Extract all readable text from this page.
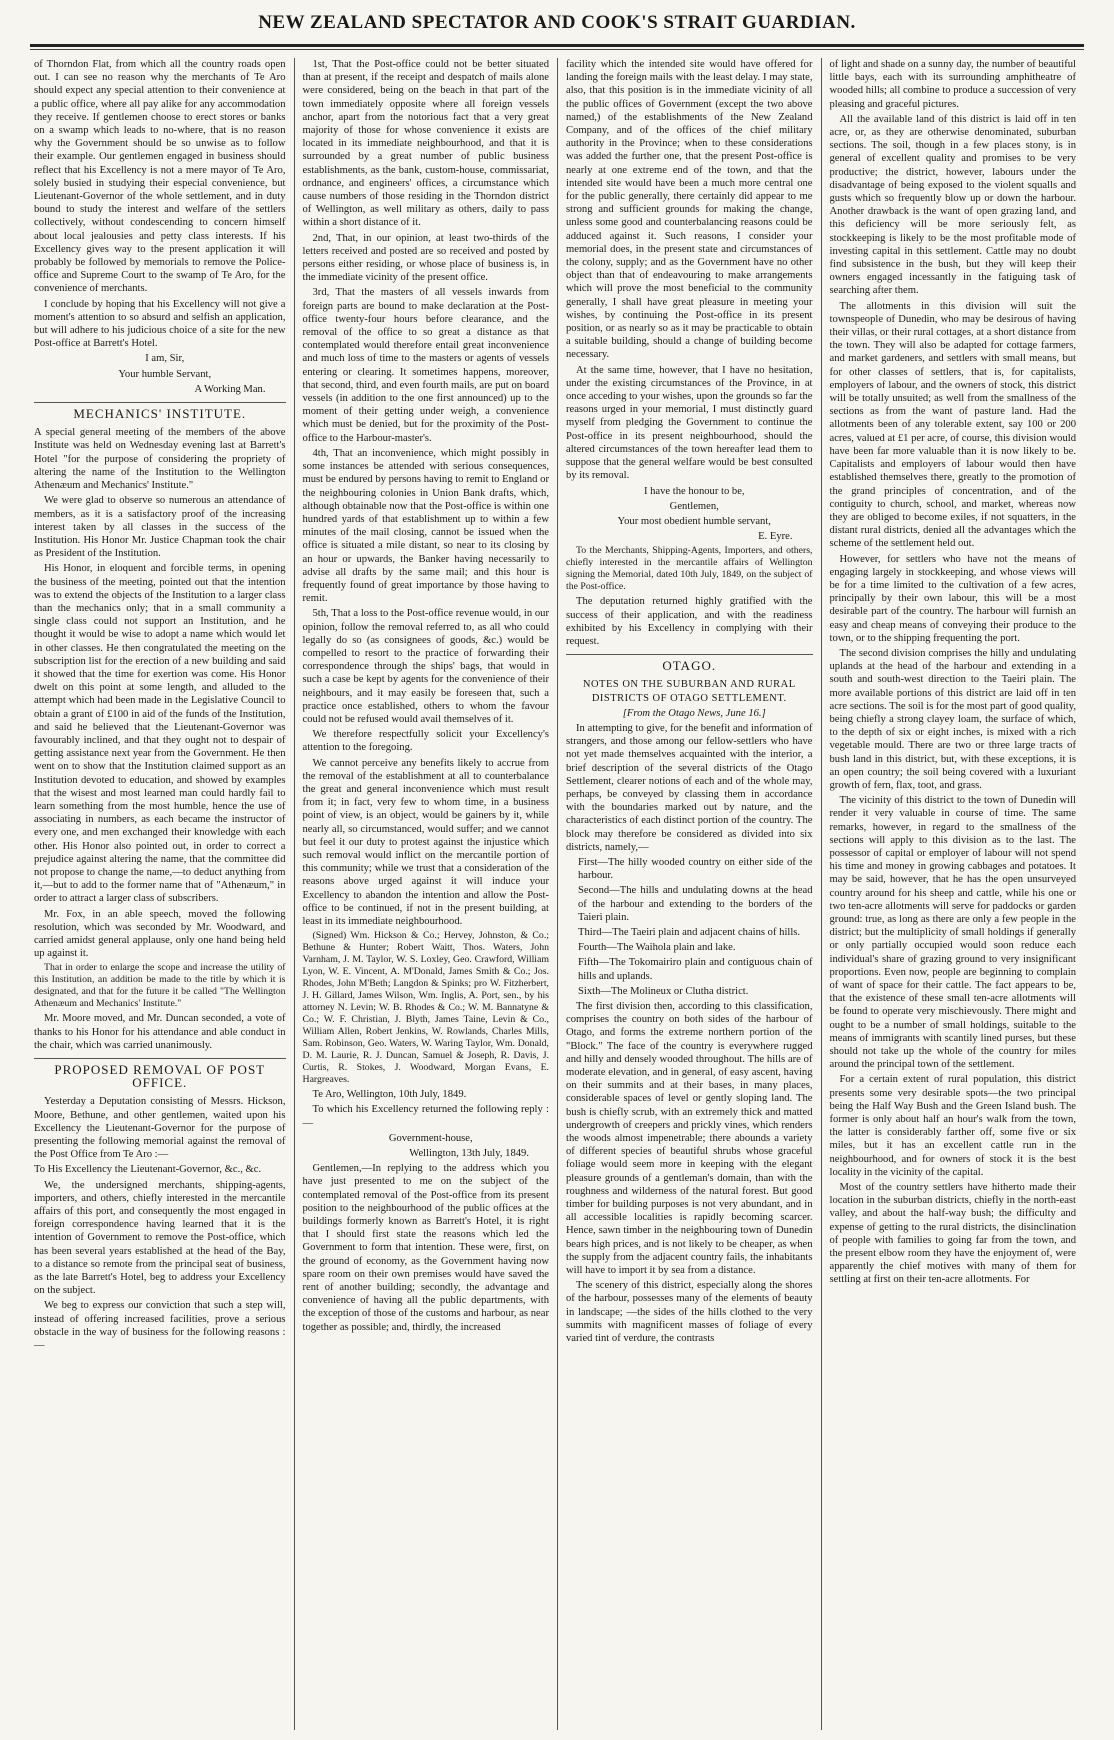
NEW ZEALAND SPECTATOR AND COOK'S STRAIT GUARDIAN.

of Thorndon Flat, from which all the country roads open out. I can see no reason why the merchants of Te Aro should expect any special attention to their convenience at a public office, where all pay alike for any accommodation they receive. If gentlemen choose to erect stores or banks on a swamp which leads to no-where, that is no reason why the Government should be so unwise as to follow their example. Our gentlemen engaged in business should reflect that his Excellency is not a mere mayor of Te Aro, solely busied in studying their especial convenience, but Lieutenant-Governor of the whole settlement, and in duty bound to study the interest and welfare of the settlers collectively, without condescending to concern himself about local jealousies and petty class interests. If his Excellency gives way to the present application it will probably be followed by memorials to remove the Police-office and Supreme Court to the swamp of Te Aro, for the convenience of merchants.

I conclude by hoping that his Excellency will not give a moment's attention to so absurd and selfish an application, but will adhere to his judicious choice of a site for the new Post-office at Barrett's Hotel.

I am, Sir,

Your humble Servant,

A Working Man.

MECHANICS' INSTITUTE.

A special general meeting of the members of the above Institute was held on Wednesday evening last at Barrett's Hotel "for the purpose of considering the propriety of altering the name of the Institution to the Wellington Athenæum and Mechanics' Institute."

We were glad to observe so numerous an attendance of members, as it is a satisfactory proof of the increasing interest taken by all classes in the success of the Institution. His Honor Mr. Justice Chapman took the chair as President of the Institution.

His Honor, in eloquent and forcible terms, in opening the business of the meeting, pointed out that the intention was to extend the objects of the Institution to a larger class than the mechanics only; that in a small community a single class could not support an Institution, and he thought it would be wise to adopt a name which would let in other classes. He then congratulated the meeting on the subscription list for the erection of a new building and said it showed that the time for exertion was come. His Honor dwelt on this point at some length, and alluded to the attempt which had been made in the Legislative Council to obtain a grant of £100 in aid of the funds of the Institution, and said he believed that the Lieutenant-Governor was favourably inclined, and that they ought not to despair of getting assistance next year from the Government. He then went on to show that the Institution claimed support as an Institution devoted to education, and showed by examples that the wisest and most learned man could hardly fail to learn something from the most humble, hence the use of associating in numbers, as each became the instructor of every one, and men exchanged their knowledge with each other. His Honor also pointed out, in order to correct a prejudice against altering the name, that the committee did not propose to change the name,—to deduct anything from it,—but to add to the former name that of "Athenæum," in order to attract a larger class of subscribers.

Mr. Fox, in an able speech, moved the following resolution, which was seconded by Mr. Woodward, and carried amidst general applause, only one hand being held up against it.

That in order to enlarge the scope and increase the utility of this Institution, an addition be made to the title by which it is designated, and that for the future it be called "The Wellington Athenæum and Mechanics' Institute."

Mr. Moore moved, and Mr. Duncan seconded, a vote of thanks to his Honor for his attendance and able conduct in the chair, which was carried unanimously.

PROPOSED REMOVAL OF POST OFFICE.

Yesterday a Deputation consisting of Messrs. Hickson, Moore, Bethune, and other gentlemen, waited upon his Excellency the Lieutenant-Governor for the purpose of presenting the following memorial against the removal of the Post Office from Te Aro :—

To His Excellency the Lieutenant-Governor, &c., &c.

We, the undersigned merchants, shipping-agents, importers, and others, chiefly interested in the mercantile affairs of this port, and consequently the most engaged in foreign correspondence having learned that it is the intention of Government to remove the Post-office, which has been several years established at the head of the Bay, to a distance so remote from the principal seat of business, as the late Barrett's Hotel, beg to address your Excellency on the subject.

We beg to express our conviction that such a step will, instead of offering increased facilities, prove a serious obstacle in the way of business for the following reasons :—

1st, That the Post-office could not be better situated than at present, if the receipt and despatch of mails alone were considered, being on the beach in that part of the town immediately opposite where all foreign vessels anchor, apart from the notorious fact that a very great majority of those for whose convenience it exists are located in its immediate neighbourhood, and that it is surrounded by a great number of public business establishments, as the bank, custom-house, commissariat, ordnance, and engineers' offices, a circumstance which cause numbers of those residing in the Thorndon district of Wellington, as well military as others, daily to pass within a short distance of it.

2nd, That, in our opinion, at least two-thirds of the letters received and posted are so received and posted by persons either residing, or whose place of business is, in the immediate vicinity of the present office.

3rd, That the masters of all vessels inwards from foreign parts are bound to make declaration at the Post-office twenty-four hours before clearance, and the removal of the office to so great a distance as that contemplated would therefore entail great inconvenience and much loss of time to the masters or agents of vessels entering or clearing. It sometimes happens, moreover, that second, third, and even fourth mails, are put on board vessels (in addition to the one first announced) up to the moment of their getting under weigh, a convenience which must be denied, but for the proximity of the Post-office to the Harbour-master's.

4th, That an inconvenience, which might possibly in some instances be attended with serious consequences, must be endured by persons having to remit to England or the neighbouring colonies in Union Bank drafts, which, although obtainable now that the Post-office is within one hundred yards of that establishment up to within a few minutes of the mail closing, cannot be issued when the office is situated a mile distant, so near to its closing by an hour or upwards, the Banker having necessarily to advise all drafts by the same mail; and this hour is frequently found of great importance by those having to remit.

5th, That a loss to the Post-office revenue would, in our opinion, follow the removal referred to, as all who could legally do so (as consignees of goods, &c.) would be compelled to resort to the practice of forwarding their correspondence through the ships' bags, that would in such a case be kept by agents for the convenience of their neighbours, and it may easily be foreseen that, such a practice once established, others to whom the favour could not be refused would avail themselves of it.

We therefore respectfully solicit your Excellency's attention to the foregoing.

We cannot perceive any benefits likely to accrue from the removal of the establishment at all to counterbalance the great and general inconvenience which must result from it; in fact, very few to whom time, in a business point of view, is an object, would be gainers by it, while nearly all, so circumstanced, would suffer; and we cannot but feel it our duty to protest against the injustice which such removal would inflict on the mercantile portion of this community; while we trust that a consideration of the reasons above urged against it will induce your Excellency to abandon the intention and allow the Post-office to be continued, if not in the present building, at least in its immediate neighbourhood.

(Signed) Wm. Hickson & Co.; Hervey, Johnston, & Co.; Bethune & Hunter; Robert Waitt, Thos. Waters, John Varnham, J. M. Taylor, W. S. Loxley, Geo. Crawford, William Lyon, W. E. Vincent, A. M'Donald, James Smith & Co.; Jos. Rhodes, John M'Beth; Langdon & Spinks; pro W. Fitzherbert, J. H. Gillard, James Wilson, Wm. Inglis, A. Port, sen., by his attorney N. Levin; W. B. Rhodes & Co.; W. M. Bannatyne & Co.; W. F. Christian, J. Blyth, James Taine, Levin & Co., William Allen, Robert Jenkins, W. Rowlands, Charles Mills, Sam. Robinson, Geo. Waters, W. Waring Taylor, Wm. Donald, D. M. Laurie, R. J. Duncan, Samuel & Joseph, R. Davis, J. Curtis, R. Stokes, J. Woodward, Morgan Evans, E. Hargreaves.

Te Aro, Wellington, 10th July, 1849.

To which his Excellency returned the following reply :—

Government-house,

Wellington, 13th July, 1849.

Gentlemen,—In replying to the address which you have just presented to me on the subject of the contemplated removal of the Post-office from its present position to the neighbourhood of the public offices at the buildings formerly known as Barrett's Hotel, it is right that I should first state the reasons which led the Government to form that intention. These were, first, on the ground of economy, as the Government having now spare room on their own premises would have saved the rent of another building; secondly, the advantage and convenience of having all the public departments, with the exception of those of the customs and harbour, as near together as possible; and, thirdly, the increased

facility which the intended site would have offered for landing the foreign mails with the least delay. I may state, also, that this position is in the immediate vicinity of all the public offices of Government (except the two above named,) of the establishments of the New Zealand Company, and of the offices of the chief military authority in the Province; when to these considerations was added the further one, that the present Post-office is nearly at one extreme end of the town, and that the intended site would have been a much more central one for the public generally, there certainly did appear to me strong and sufficient grounds for making the change, unless some good and counterbalancing reasons could be adduced against it. Such reasons, I consider your memorial does, in the present state and circumstances of the colony, supply; and as the Government have no other object than that of endeavouring to make arrangements which will prove the most beneficial to the community generally, I shall have great pleasure in meeting your wishes, by continuing the Post-office in its present position, or as nearly so as it may be practicable to obtain a suitable building, should a change of building become necessary.

At the same time, however, that I have no hesitation, under the existing circumstances of the Province, in at once acceding to your wishes, upon the grounds so far the reasons urged in your memorial, I must distinctly guard myself from pledging the Government to continue the Post-office in its present neighbourhood, should the altered circumstances of the town hereafter lead them to suppose that the general welfare would be best consulted by its removal.

I have the honour to be,

Gentlemen,

Your most obedient humble servant,

E. Eyre.

To the Merchants, Shipping-Agents, Importers, and others, chiefly interested in the mercantile affairs of Wellington signing the Memorial, dated 10th July, 1849, on the subject of the Post-office.

The deputation returned highly gratified with the success of their application, and with the readiness exhibited by his Excellency in complying with their request.

OTAGO.
NOTES ON THE SUBURBAN AND RURAL DISTRICTS OF OTAGO SETTLEMENT.

[From the Otago News, June 16.]

In attempting to give, for the benefit and information of strangers, and those among our fellow-settlers who have not yet made themselves acquainted with the interior, a brief description of the several districts of the Otago Settlement, clearer notions of each and of the whole may, perhaps, be conveyed by classing them in accordance with the boundaries marked out by nature, and the characteristics of each distinct portion of the country. The block may therefore be considered as divided into six districts, namely,—

First—The hilly wooded country on either side of the harbour.

Second—The hills and undulating downs at the head of the harbour and extending to the borders of the Taieri plain.

Third—The Taeiri plain and adjacent chains of hills.

Fourth—The Waihola plain and lake.

Fifth—The Tokomairiro plain and contiguous chain of hills and uplands.

Sixth—The Molineux or Clutha district.

The first division then, according to this classification, comprises the country on both sides of the harbour of Otago, and forms the extreme northern portion of the "Block." The face of the country is everywhere rugged and hilly and densely wooded throughout. The hills are of moderate elevation, and in general, of easy ascent, having on their summits and at their bases, in many places, considerable spaces of level or gently sloping land. The bush is chiefly scrub, with an extremely thick and matted undergrowth of creepers and prickly vines, which renders the woods almost impenetrable; there abounds a variety of different species of beautiful shrubs whose graceful foliage would seem more in keeping with the elegant pleasure grounds of a gentleman's domain, than with the roughness and wilderness of the natural forest. But good timber for building purposes is not very abundant, and in all accessible localities is rapidly becoming scarcer. Hence, sawn timber in the neighbouring town of Dunedin bears high prices, and is not likely to be cheaper, as when the supply from the adjacent country fails, the inhabitants will have to import it by sea from a distance.

The scenery of this district, especially along the shores of the harbour, possesses many of the elements of beauty in landscape; —the sides of the hills clothed to the very summits with magnificent masses of foliage of every varied tint of verdure, the contrasts

of light and shade on a sunny day, the number of beautiful little bays, each with its surrounding amphitheatre of wooded hills; all combine to produce a succession of very pleasing and graceful pictures.

All the available land of this district is laid off in ten acre, or, as they are otherwise denominated, suburban sections. The soil, though in a few places stony, is in general of excellent quality and promises to be very productive; the district, however, labours under the disadvantage of being exposed to the violent squalls and gusts which so frequently blow up or down the harbour. Another drawback is the want of open grazing land, and this deficiency will be more seriously felt, as stockkeeping is likely to be the most profitable mode of investing capital in this settlement. Cattle may no doubt find subsistence in the bush, but they will keep their owners engaged incessantly in the fatiguing task of searching after them.

The allotments in this division will suit the townspeople of Dunedin, who may be desirous of having their villas, or their rural cottages, at a short distance from the town. They will also be adapted for cottage farmers, and market gardeners, and settlers with small means, but for other classes of settlers, that is, for capitalists, employers of labour, and the owners of stock, this district will be totally unsuited; as well from the smallness of the sections as from the want of pasture land. Had the allotments been of any tolerable extent, say 100 or 200 acres, valued at £1 per acre, of course, this division would have been far more valuable than it is now likely to be. Capitalists and employers of labour would then have established themselves there, greatly to the promotion of the grand principles of concentration, and of the contiguity to church, school, and market, whereas now they are obliged to become exiles, if not squatters, in the distant rural districts, denied all the advantages which the scheme of the settlement held out.

However, for settlers who have not the means of engaging largely in stockkeeping, and whose views will be for a time limited to the cultivation of a few acres, principally by their own labour, this will be a most desirable part of the country. The harbour will furnish an easy and cheap means of conveying their produce to the town, or to the shipping frequenting the port.

The second division comprises the hilly and undulating uplands at the head of the harbour and extending in a south and south-west direction to the Taeiri plain. The more available portions of this district are laid off in ten acre sections. The soil is for the most part of good quality, being chiefly a strong clayey loam, the surface of which, to the depth of six or eight inches, is mixed with a rich vegetable mould. There are two or three large tracts of bush land in this district, but, with these exceptions, it is an open country; the soil being covered with a luxuriant growth of fern, flax, toot, and grass.

The vicinity of this district to the town of Dunedin will render it very valuable in course of time. The same remarks, however, in regard to the smallness of the sections will apply to this division as to the last. The possessor of capital or employer of labour will not spend his time and money in growing cabbages and potatoes. It may be said, however, that he has the open unsurveyed country around for his sheep and cattle, while his one or two ten-acre allotments will serve for paddocks or garden ground: true, as long as there are only a few people in the district; but the multiplicity of small holdings if generally or only partially occupied would soon reduce each individual's share of grazing ground to very insignificant proportions. Even now, people are beginning to complain of want of space for their cattle. The fact appears to be, that the existence of these small ten-acre allotments will be found to operate very mischievously. There might and ought to be a number of small holdings, suitable to the means of immigrants with scantily lined purses, but these should not take up the whole of the country for miles around the principal town of the settlement.

For a certain extent of rural population, this district presents some very desirable spots—the two principal being the Half Way Bush and the Green Island bush. The former is only about half an hour's walk from the town, the latter is considerably farther off, some five or six miles, but it has an excellent cattle run in the neighbourhood, and for owners of stock it is the best locality in the vicinity of the capital.

Most of the country settlers have hitherto made their location in the suburban districts, chiefly in the north-east valley, and about the half-way bush; the difficulty and expense of getting to the rural districts, the disinclination of people with families to going far from the town, and the present elbow room they have the enjoyment of, were apparently the chief motives with many of them for settling at first on their ten-acre allotments. For
